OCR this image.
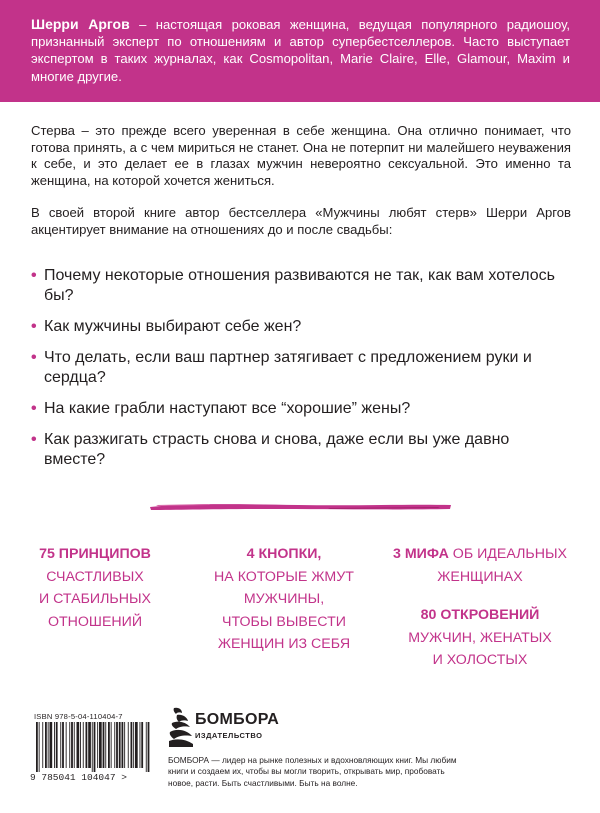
Шерри Аргов – настоящая роковая женщина, ведущая популярного радиошоу, признанный эксперт по отношениям и автор супербестселлеров. Часто выступает экспертом в таких журналах, как Cosmopolitan, Marie Claire, Elle, Glamour, Maxim и многие другие.

Стерва – это прежде всего уверенная в себе женщина. Она отлично понимает, что готова принять, а с чем мириться не станет. Она не потерпит ни малейшего неуважения к себе, и это делает ее в глазах мужчин невероятно сексуальной. Это именно та женщина, на которой хочется жениться.

В своей второй книге автор бестселлера «Мужчины любят стерв» Шерри Аргов акцентирует внимание на отношениях до и после свадьбы:

• Почему некоторые отношения развиваются не так, как вам хотелось бы?
• Как мужчины выбирают себе жен?
• Что делать, если ваш партнер затягивает с предложением руки и сердца?
• На какие грабли наступают все “хорошие” жены?
• Как разжигать страсть снова и снова, даже если вы уже давно вместе?
75 ПРИНЦИПОВ
СЧАСТЛИВЫХ
И СТАБИЛЬНЫХ
ОТНОШЕНИЙ
4 КНОПКИ,
НА КОТОРЫЕ ЖМУТ
МУЖЧИНЫ,
ЧТОБЫ ВЫВЕСТИ
ЖЕНЩИН ИЗ СЕБЯ
3 МИФА ОБ ИДЕАЛЬНЫХ
ЖЕНЩИНАХ
80 ОТКРОВЕНИЙ
МУЖЧИН, ЖЕНАТЫХ
И ХОЛОСТЫХ
ISBN 978-5-04-110404-7
9 785041 104047 >
БОМБОРА
ИЗДАТЕЛЬСТВО
БОМБОРА — лидер на рынке полезных и вдохновляющих книг. Мы любим книги и создаем их, чтобы вы могли творить, открывать мир, пробовать новое, расти. Быть счастливыми. Быть на волне.
